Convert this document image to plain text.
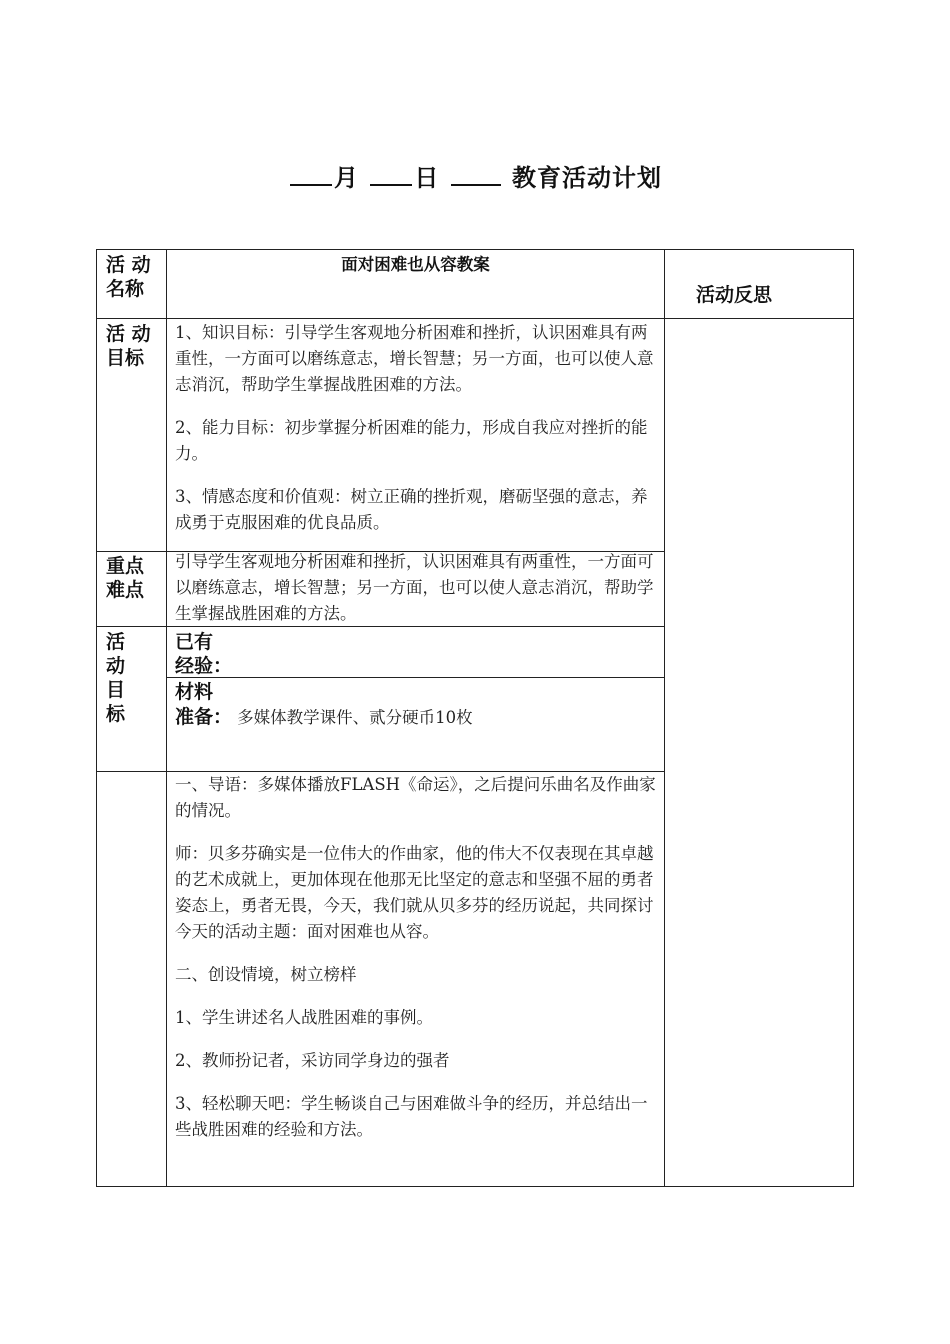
月 日	教育活动计划
活 动
名称
面对困难也从容教案
活动反思
活 动
目标

1、知识目标：引导学生客观地分析困难和挫折，认识困难具有两重性，一方面可以磨练意志，增长智慧；另一方面，也可以使人意志消沉，帮助学生掌握战胜困难的方法。

2、能力目标：初步掌握分析困难的能力，形成自我应对挫折的能力。

3、情感态度和价值观：树立正确的挫折观，磨砺坚强的意志，养成勇于克服困难的优良品质。

重点
难点
引导学生客观地分析困难和挫折，认识困难具有两重性，一方面可以磨练意志，增长智慧；另一方面，也可以使人意志消沉，帮助学生掌握战胜困难的方法。
活
动
目
标
已有
经验：
材料
准备： 多媒体教学课件、贰分硬币10枚

一、导语：多媒体播放FLASH《命运》，之后提问乐曲名及作曲家的情况。

师：贝多芬确实是一位伟大的作曲家，他的伟大不仅表现在其卓越的艺术成就上，更加体现在他那无比坚定的意志和坚强不屈的勇者姿态上，勇者无畏，今天，我们就从贝多芬的经历说起，共同探讨今天的活动主题：面对困难也从容。

二、创设情境，树立榜样

1、学生讲述名人战胜困难的事例。

2、教师扮记者，采访同学身边的强者

3、轻松聊天吧：学生畅谈自己与困难做斗争的经历，并总结出一些战胜困难的经验和方法。
